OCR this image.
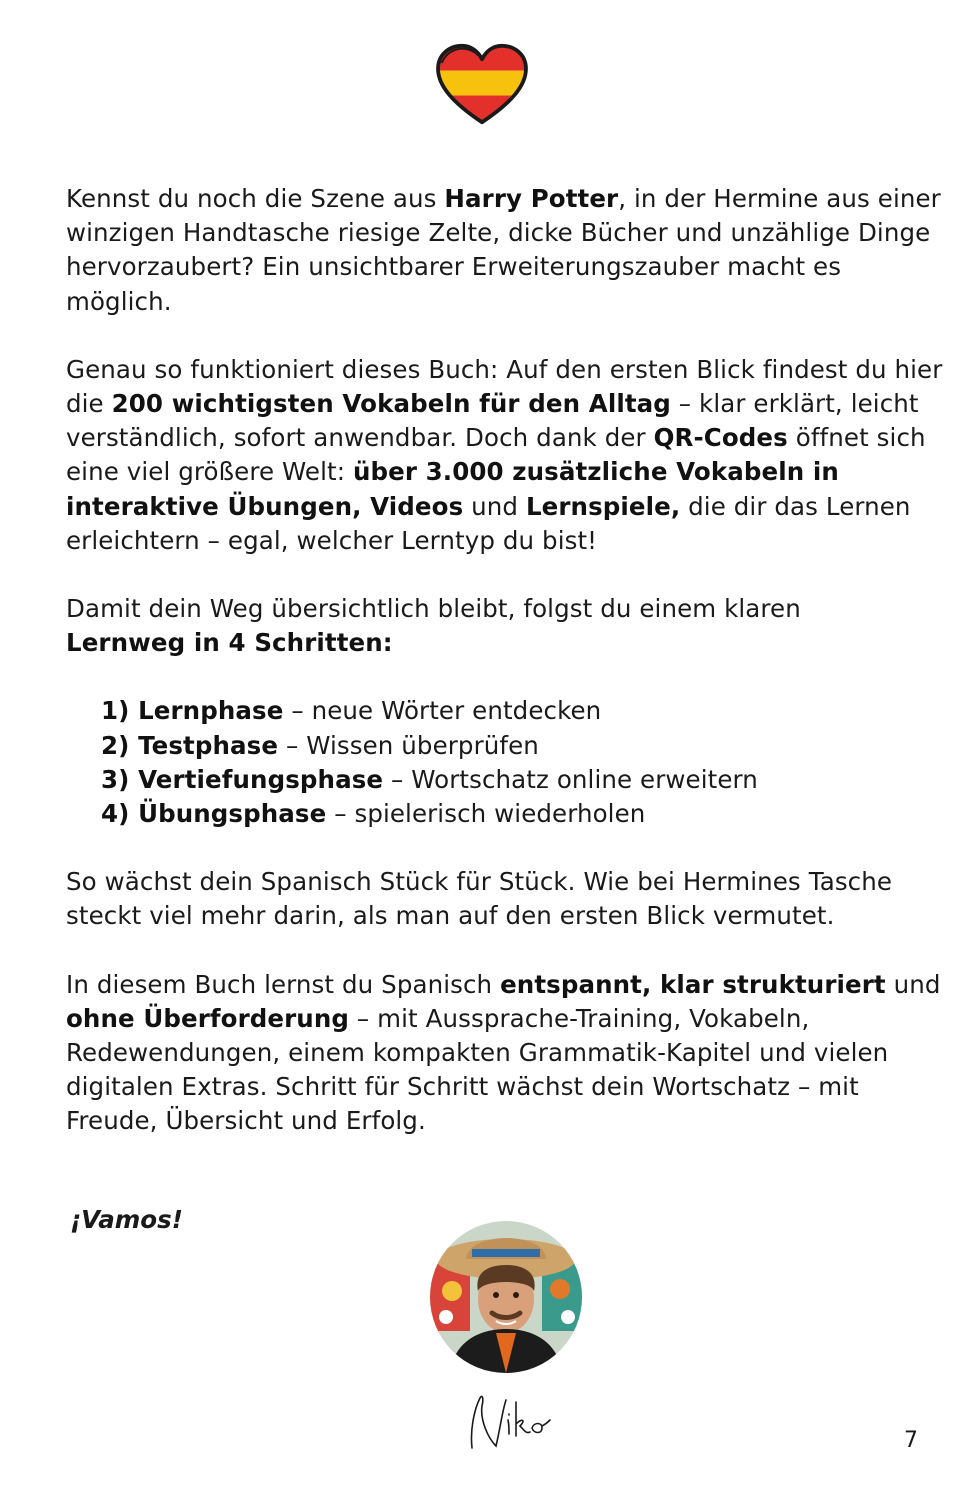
Kennst du noch die Szene aus Harry Potter, in der Hermine aus einer winzigen Handtasche riesige Zelte, dicke Bücher und unzählige Dinge hervorzaubert? Ein unsichtbarer Erweiterungszauber macht es möglich.

Genau so funktioniert dieses Buch: Auf den ersten Blick findest du hier die 200 wichtigsten Vokabeln für den Alltag – klar erklärt, leicht verständlich, sofort anwendbar. Doch dank der QR-Codes öffnet sich eine viel größere Welt: über 3.000 zusätzliche Vokabeln in interaktive Übungen, Videos und Lernspiele, die dir das Lernen erleichtern – egal, welcher Lerntyp du bist!

Damit dein Weg übersichtlich bleibt, folgst du einem klaren
Lernweg in 4 Schritten:

1) Lernphase – neue Wörter entdecken
2) Testphase – Wissen überprüfen
3) Vertiefungsphase – Wortschatz online erweitern
4) Übungsphase – spielerisch wiederholen

So wächst dein Spanisch Stück für Stück. Wie bei Hermines Tasche steckt viel mehr darin, als man auf den ersten Blick vermutet.

In diesem Buch lernst du Spanisch entspannt, klar strukturiert und ohne Überforderung – mit Aussprache-Training, Vokabeln, Redewendungen, einem kompakten Grammatik-Kapitel und vielen digitalen Extras. Schritt für Schritt wächst dein Wortschatz – mit Freude, Übersicht und Erfolg.

¡Vamos!
7
